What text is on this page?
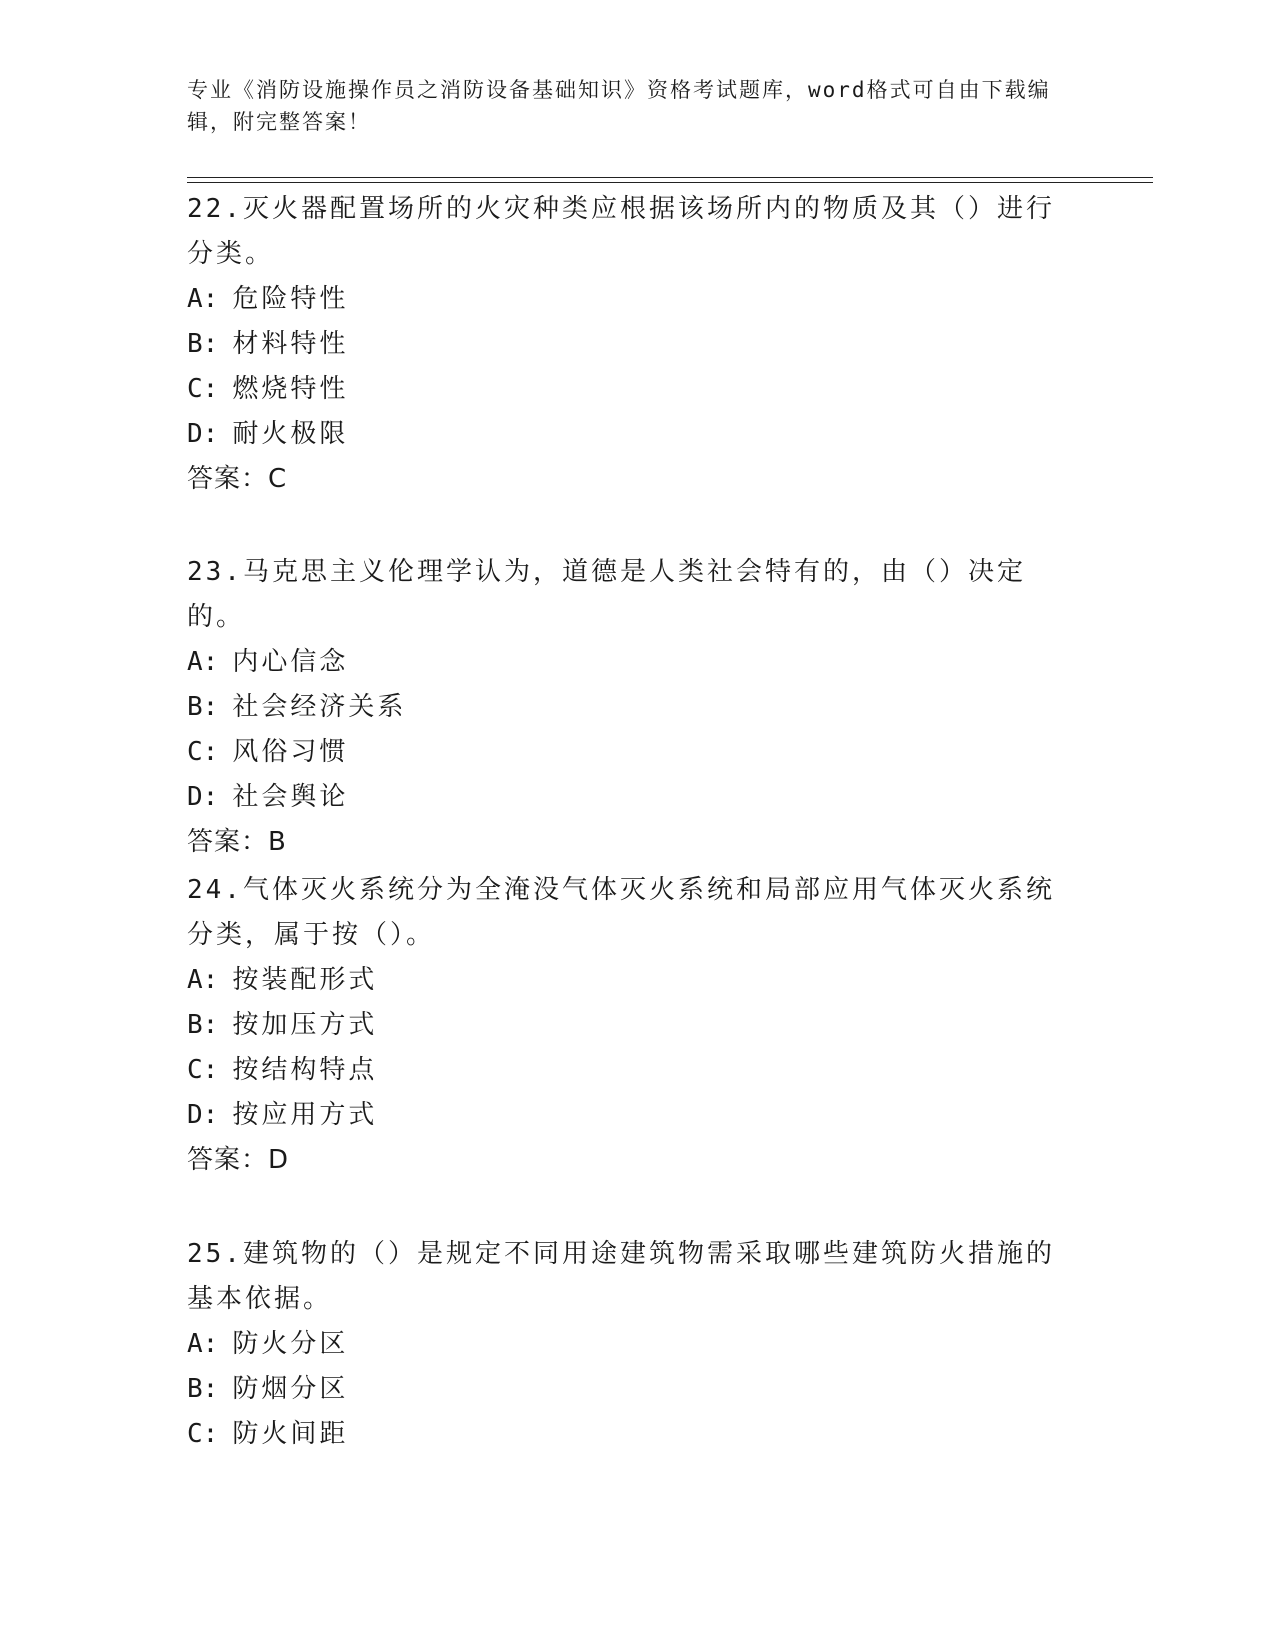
专业《消防设施操作员之消防设备基础知识》资格考试题库，word格式可自由下载编辑，附完整答案！

22.灭火器配置场所的火灾种类应根据该场所内的物质及其（）进行分类。

A: 危险特性
B: 材料特性
C: 燃烧特性
D: 耐火极限
答案：C

23.马克思主义伦理学认为，道德是人类社会特有的，由（）决定的。

A: 内心信念
B: 社会经济关系
C: 风俗习惯
D: 社会舆论
答案：B

24.气体灭火系统分为全淹没气体灭火系统和局部应用气体灭火系统分类，属于按（）。

A: 按装配形式
B: 按加压方式
C: 按结构特点
D: 按应用方式
答案：D

25.建筑物的（）是规定不同用途建筑物需采取哪些建筑防火措施的基本依据。

A: 防火分区
B: 防烟分区
C: 防火间距
